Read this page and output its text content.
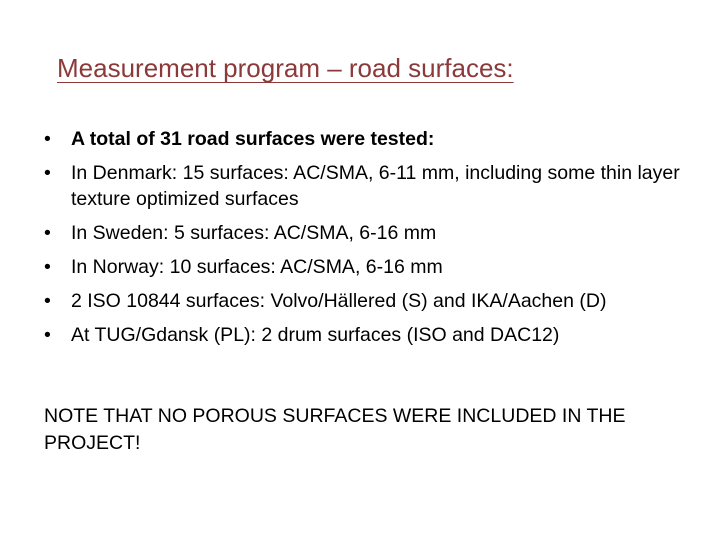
Measurement program – road surfaces:
• A total of 31 road surfaces were tested:
• In Denmark: 15 surfaces: AC/SMA, 6-11 mm, including some thin layer texture optimized surfaces
• In Sweden: 5 surfaces: AC/SMA, 6-16 mm
• In Norway: 10 surfaces: AC/SMA, 6-16 mm
• 2 ISO 10844 surfaces: Volvo/Hällered (S) and IKA/Aachen (D)
• At TUG/Gdansk (PL): 2 drum surfaces (ISO and DAC12)
NOTE THAT NO POROUS SURFACES WERE INCLUDED IN THE PROJECT!
